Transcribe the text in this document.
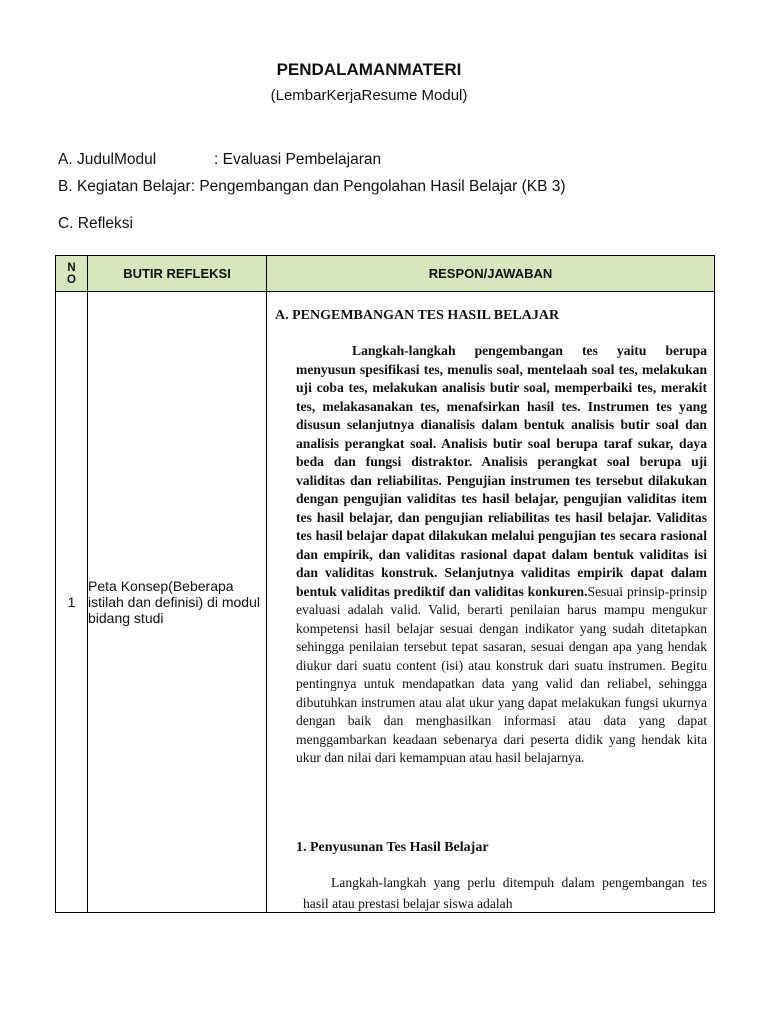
PENDALAMANMATERI
(LembarKerjaResume Modul)
A. JudulModul	: Evaluasi Pembelajaran
B. Kegiatan Belajar: Pengembangan dan Pengolahan Hasil Belajar (KB 3)
C. Refleksi
N
O	BUTIR REFLEKSI	RESPON/JAWABAN
1	Peta Konsep(Beberapa istilah dan definisi) di modul bidang studi	A. PENGEMBANGAN TES HASIL BELAJAR
Langkah-langkah pengembangan tes yaitu berupa menyusun spesifikasi tes, menulis soal, mentelaah soal tes, melakukan uji coba tes, melakukan analisis butir soal, memperbaiki tes, merakit tes, melakasanakan tes, menafsirkan hasil tes. Instrumen tes yang disusun selanjutnya dianalisis dalam bentuk analisis butir soal dan analisis perangkat soal. Analisis butir soal berupa taraf sukar, daya beda dan fungsi distraktor. Analisis perangkat soal berupa uji validitas dan reliabilitas. Pengujian instrumen tes tersebut dilakukan dengan pengujian validitas tes hasil belajar, pengujian validitas item tes hasil belajar, dan pengujian reliabilitas tes hasil belajar. Validitas tes hasil belajar dapat dilakukan melalui pengujian tes secara rasional dan empirik, dan validitas rasional dapat dalam bentuk validitas isi dan validitas konstruk. Selanjutnya validitas empirik dapat dalam bentuk validitas prediktif dan validitas konkuren.Sesuai prinsip-prinsip evaluasi adalah valid. Valid, berarti penilaian harus mampu mengukur kompetensi hasil belajar sesuai dengan indikator yang sudah ditetapkan sehingga penilaian tersebut tepat sasaran, sesuai dengan apa yang hendak diukur dari suatu content (isi) atau konstruk dari suatu instrumen. Begitu pentingnya untuk mendapatkan data yang valid dan reliabel, sehingga dibutuhkan instrumen atau alat ukur yang dapat melakukan fungsi ukurnya dengan baik dan menghasilkan informasi atau data yang dapat menggambarkan keadaan sebenarya dari peserta didik yang hendak kita ukur dan nilai dari kemampuan atau hasil belajarnya.
1. Penyusunan Tes Hasil Belajar
Langkah-langkah yang perlu ditempuh dalam pengembangan tes hasil atau prestasi belajar siswa adalah
